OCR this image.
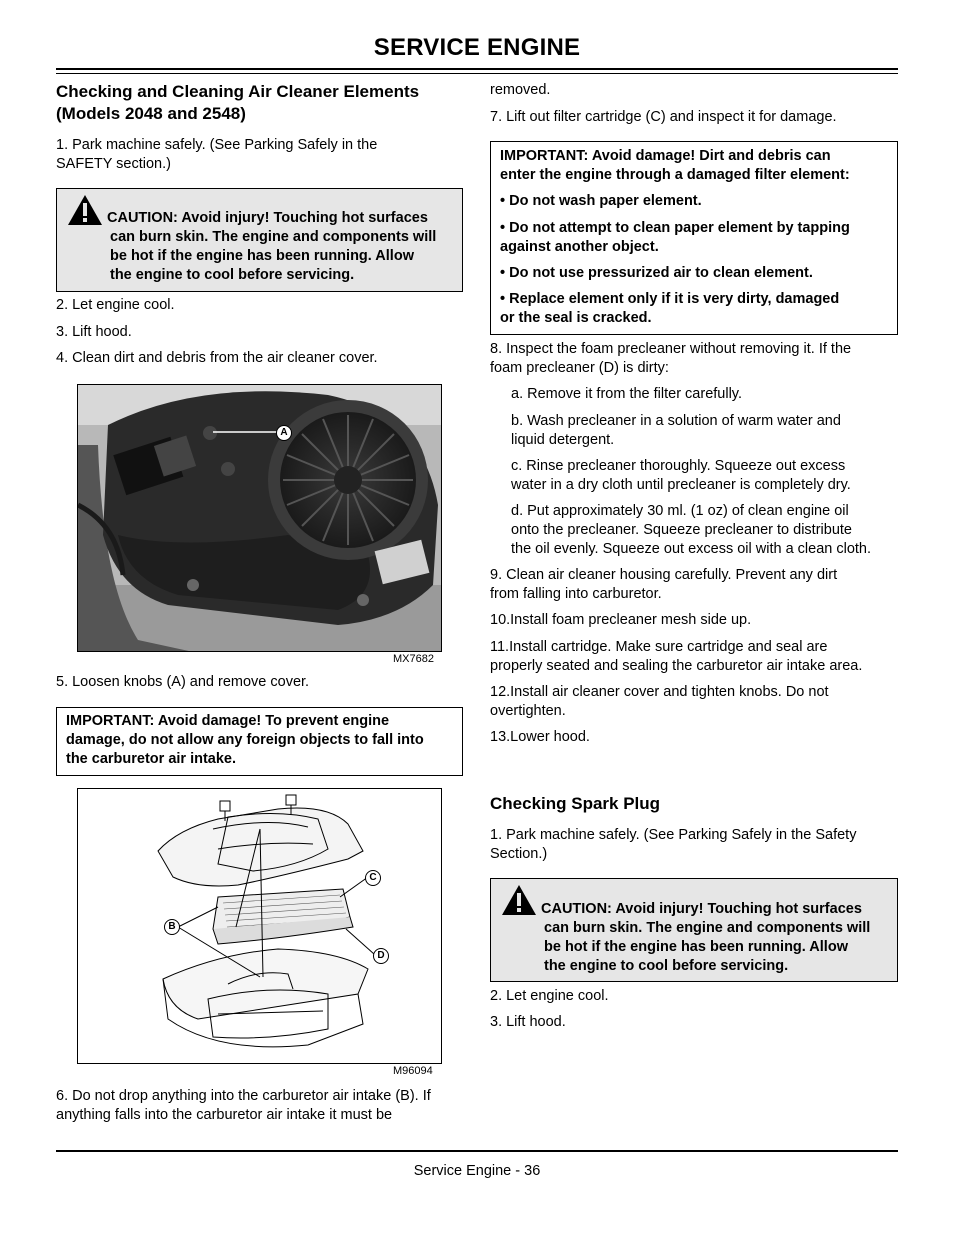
SERVICE ENGINE
Checking and Cleaning Air Cleaner Elements
(Models 2048 and 2548)
1. Park machine safely. (See Parking Safely in the
SAFETY section.)
CAUTION: Avoid injury! Touching hot surfaces
can burn skin. The engine and components will
be hot if the engine has been running. Allow
the engine to cool before servicing.
2. Let engine cool.
3. Lift hood.
4. Clean dirt and debris from the air cleaner cover.
A
MX7682
5. Loosen knobs (A) and remove cover.
IMPORTANT: Avoid damage! To prevent engine
damage, do not allow any foreign objects to fall into
the carburetor air intake.
C
B
D
M96094
6. Do not drop anything into the carburetor air intake (B). If
anything falls into the carburetor air intake it must be
removed.
7. Lift out filter cartridge (C) and inspect it for damage.
IMPORTANT: Avoid damage! Dirt and debris can
enter the engine through a damaged filter element:
• Do not wash paper element.
• Do not attempt to clean paper element by tapping
against another object.
• Do not use pressurized air to clean element.
• Replace element only if it is very dirty, damaged
or the seal is cracked.
8. Inspect the foam precleaner without removing it. If the
foam precleaner (D) is dirty:
a. Remove it from the filter carefully.
b. Wash precleaner in a solution of warm water and
liquid detergent.
c. Rinse precleaner thoroughly. Squeeze out excess
water in a dry cloth until precleaner is completely dry.
d. Put approximately 30 ml. (1 oz) of clean engine oil
onto the precleaner. Squeeze precleaner to distribute
the oil evenly. Squeeze out excess oil with a clean cloth.
9. Clean air cleaner housing carefully. Prevent any dirt
from falling into carburetor.
10.Install foam precleaner mesh side up.
11.Install cartridge. Make sure cartridge and seal are
properly seated and sealing the carburetor air intake area.
12.Install air cleaner cover and tighten knobs. Do not
overtighten.
13.Lower hood.
Checking Spark Plug
1. Park machine safely. (See Parking Safely in the Safety
Section.)
CAUTION: Avoid injury! Touching hot surfaces
can burn skin. The engine and components will
be hot if the engine has been running. Allow
the engine to cool before servicing.
2. Let engine cool.
3. Lift hood.
Service Engine - 36
